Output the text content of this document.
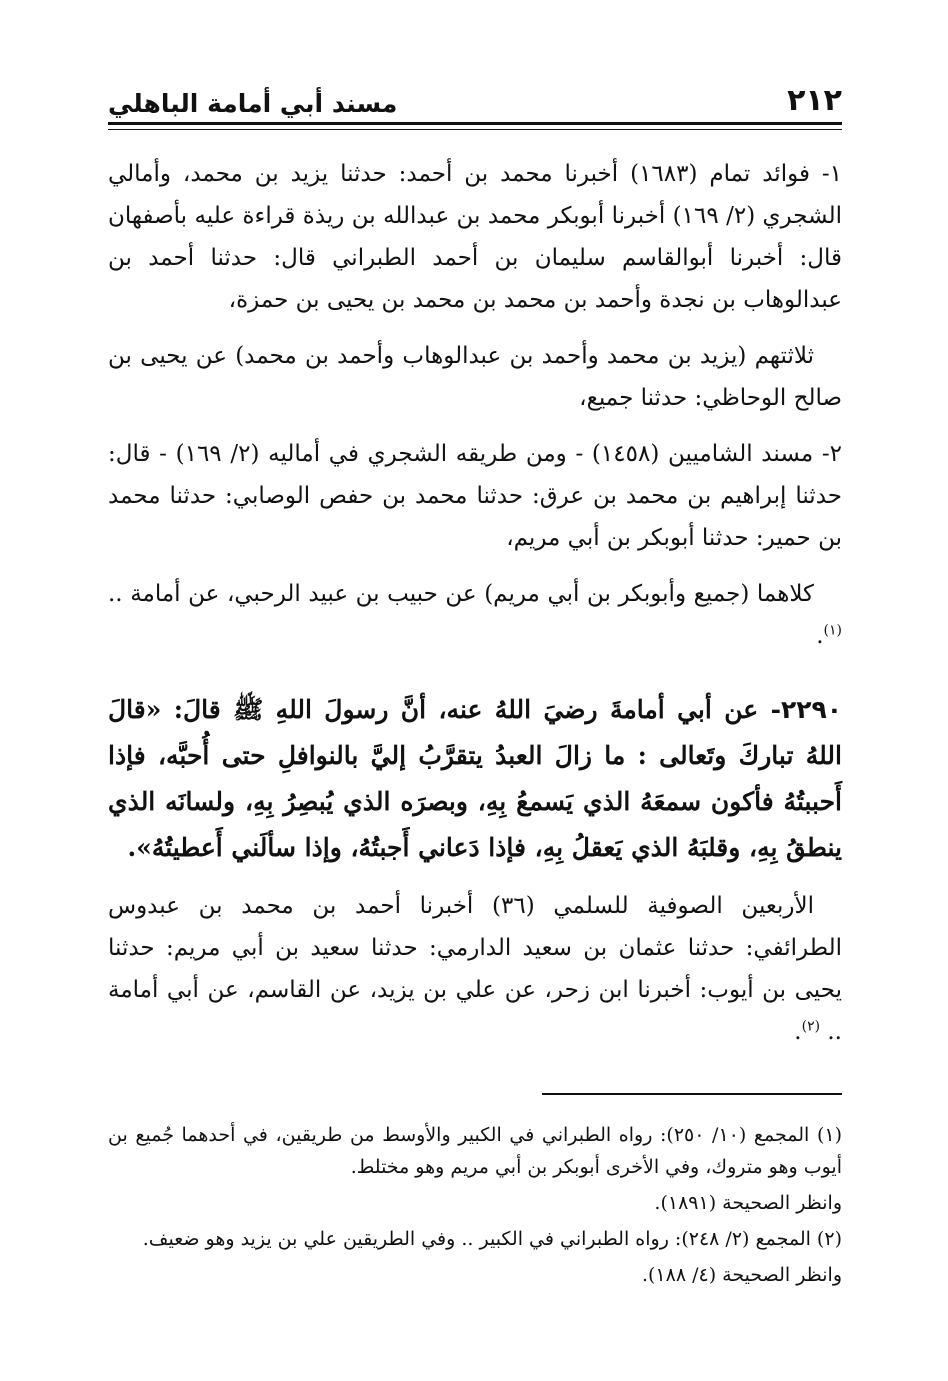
٢١٢
مسند أبي أمامة الباهلي

١- فوائد تمام (١٦٨٣) أخبرنا محمد بن أحمد: حدثنا يزيد بن محمد، وأمالي الشجري (٢/ ١٦٩) أخبرنا أبوبكر محمد بن عبدالله بن ريذة قراءة عليه بأصفهان قال: أخبرنا أبوالقاسم سليمان بن أحمد الطبراني قال: حدثنا أحمد بن عبدالوهاب بن نجدة وأحمد بن محمد بن محمد بن يحيى بن حمزة،

ثلاثتهم (يزيد بن محمد وأحمد بن عبدالوهاب وأحمد بن محمد) عن يحيى بن صالح الوحاظي: حدثنا جميع،

٢- مسند الشاميين (١٤٥٨) - ومن طريقه الشجري في أماليه (٢/ ١٦٩) - قال: حدثنا إبراهيم بن محمد بن عرق: حدثنا محمد بن حفص الوصابي: حدثنا محمد بن حمير: حدثنا أبوبكر بن أبي مريم،

كلاهما (جميع وأبوبكر بن أبي مريم) عن حبيب بن عبيد الرحبي، عن أمامة .. $^{(١)}$.

٢٢٩٠- عن أبي أمامةَ رضيَ اللهُ عنه، أنَّ رسولَ اللهِ ﷺ قالَ: «قالَ اللهُ تباركَ وتَعالى : ما زالَ العبدُ يتقرَّبُ إليَّ بالنوافلِ حتى أُحبَّه، فإذا أَحببتُهُ فأكون سمعَهُ الذي يَسمعُ بِهِ، وبصرَه الذي يُبصِرُ بِهِ، ولسانَه الذي ينطقُ بِهِ، وقلبَهُ الذي يَعقلُ بِهِ، فإذا دَعاني أَجبتُهُ، وإذا سألَني أَعطيتُهُ».

الأربعين الصوفية للسلمي (٣٦) أخبرنا أحمد بن محمد بن عبدوس الطرائفي: حدثنا عثمان بن سعيد الدارمي: حدثنا سعيد بن أبي مريم: حدثنا يحيى بن أيوب: أخبرنا ابن زحر، عن علي بن يزيد، عن القاسم، عن أبي أمامة .. $^{(٢)}$.

(١) المجمع (١٠/ ٢٥٠): رواه الطبراني في الكبير والأوسط من طريقين، في أحدهما جُميع بن أيوب وهو متروك، وفي الأخرى أبوبكر بن أبي مريم وهو مختلط.

وانظر الصحيحة (١٨٩١).

(٢) المجمع (٢/ ٢٤٨): رواه الطبراني في الكبير .. وفي الطريقين علي بن يزيد وهو ضعيف.

وانظر الصحيحة (٤/ ١٨٨).
